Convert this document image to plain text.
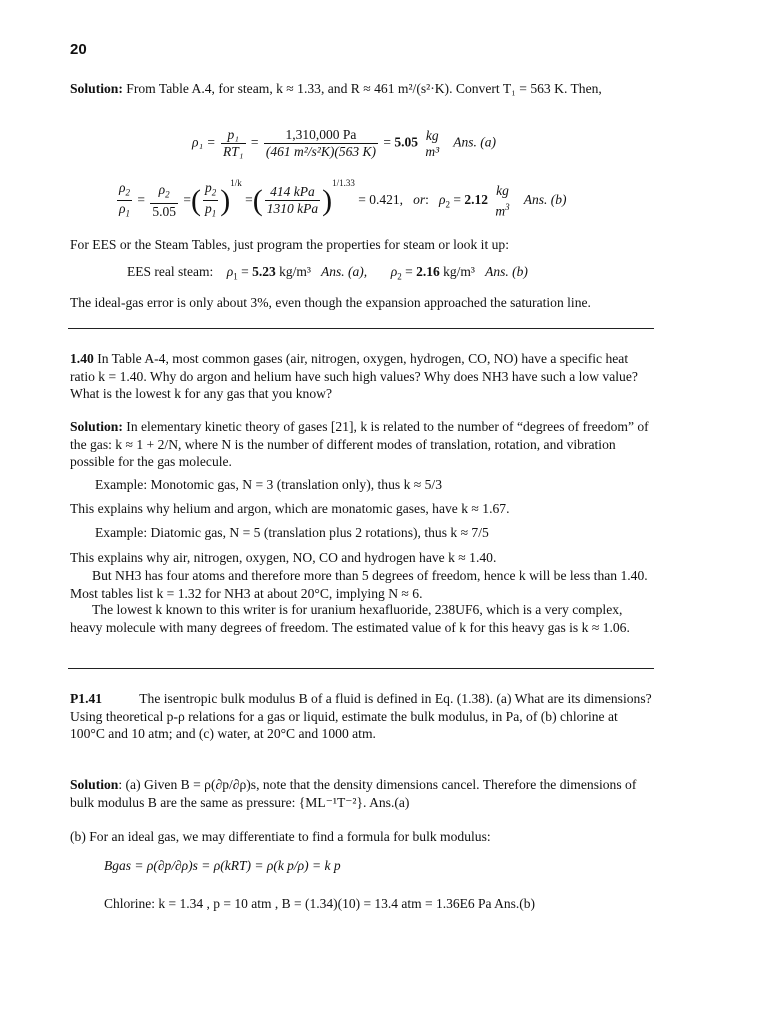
20
Solution: From Table A.4, for steam, k ≈ 1.33, and R ≈ 461 m²/(s²·K). Convert T₁ = 563 K. Then,
$\rho_1 = \frac{\text{p₁}}{\text{RT₁}} = \frac{1,310,000 Pa}{\text{(461 m²/s²K)(563 K)}} = 5.05$ kg
m³
Ans. (a)
$\frac{\rho_2}{\rho_1} = \frac{\rho_2}{5.05}$ =( $\frac{p_2}{p_1} )^{1/k}$ =( $\frac{\text{414 kPa}}{\text{1310 kPa}} )^{1/1.33} = 0.421$,   or:   $\rho_2 = 2.12$
kg
$m^3$ Ans. (b)
For EES or the Steam Tables, just program the properties for steam or look it up:
EES real steam: $\rho_1 = 5.23$ kg/m³ Ans. (a), $\rho_2 = 2.16$ kg/m³ Ans. (b)
The ideal-gas error is only about 3%, even though the expansion approached the saturation line.
1.40 In Table A-4, most common gases (air, nitrogen, oxygen, hydrogen, CO, NO) have a specific heat ratio k = 1.40. Why do argon and helium have such high values? Why does NH3 have such a low value? What is the lowest k for any gas that you know?
Solution: In elementary kinetic theory of gases [21], k is related to the number of “degrees of freedom” of the gas: k ≈ 1 + 2/N, where N is the number of different modes of translation, rotation, and vibration possible for the gas molecule.
Example: Monotomic gas, N = 3 (translation only), thus k ≈ 5/3
This explains why helium and argon, which are monatomic gases, have k ≈ 1.67.
Example: Diatomic gas, N = 5 (translation plus 2 rotations), thus k ≈ 7/5
This explains why air, nitrogen, oxygen, NO, CO and hydrogen have k ≈ 1.40.
But NH3 has four atoms and therefore more than 5 degrees of freedom, hence k will be less than 1.40. Most tables list k = 1.32 for NH3 at about 20°C, implying N ≈ 6.
The lowest k known to this writer is for uranium hexafluoride, 238UF6, which is a very complex, heavy molecule with many degrees of freedom. The estimated value of k for this heavy gas is k ≈ 1.06.
P1.41	The isentropic bulk modulus B of a fluid is defined in Eq. (1.38). (a) What are its dimensions? Using theoretical p-ρ relations for a gas or liquid, estimate the bulk modulus, in Pa, of (b) chlorine at 100°C and 10 atm; and (c) water, at 20°C and 1000 atm.
Solution: (a) Given B = ρ(∂p/∂ρ)s, note that the density dimensions cancel. Therefore the dimensions of bulk modulus B are the same as pressure: {ML⁻¹T⁻²}. Ans.(a)
(b) For an ideal gas, we may differentiate to find a formula for bulk modulus:
Bgas = ρ(∂p/∂ρ)s = ρ(kRT) = ρ(k p/ρ) = k p
Chlorine: k = 1.34 , p = 10 atm , B = (1.34)(10) = 13.4 atm = 1.36E6 Pa Ans.(b)
